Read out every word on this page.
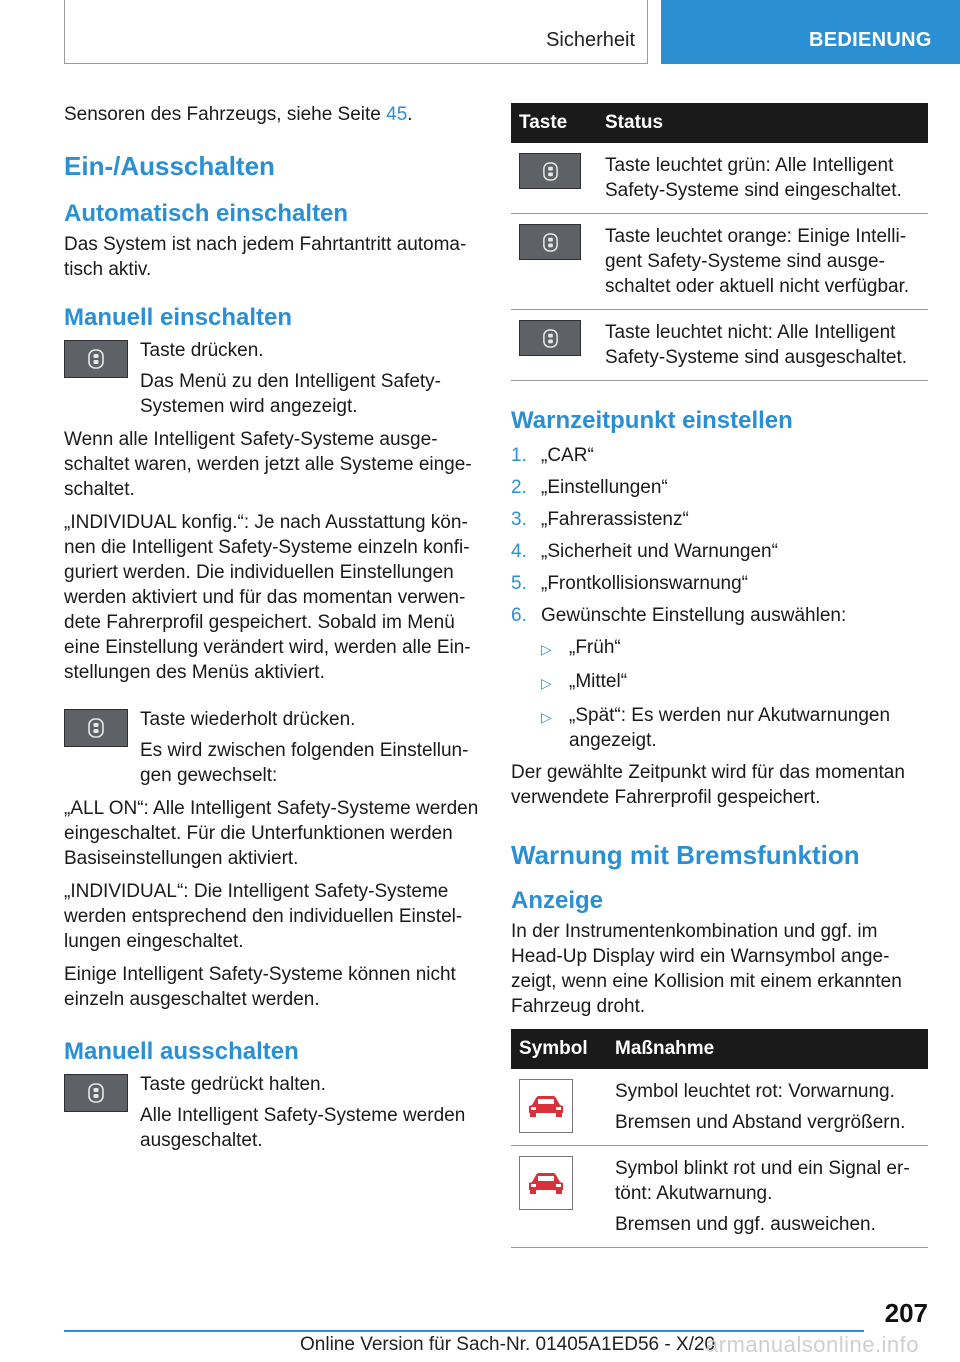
Sicherheit	BEDIENUNG

Sensoren des Fahrzeugs, siehe Seite 45.

Ein-/Ausschalten
Automatisch einschalten

Das System ist nach jedem Fahrtantritt automatisch aktiv.

Manuell einschalten
Taste drücken.
Das Menü zu den Intelligent Safety-Systemen wird angezeigt.

Wenn alle Intelligent Safety-Systeme ausgeschaltet waren, werden jetzt alle Systeme eingeschaltet.

„INDIVIDUAL konfig.“: Je nach Ausstattung können die Intelligent Safety-Systeme einzeln konfiguriert werden. Die individuellen Einstellungen werden aktiviert und für das momentan verwendete Fahrerprofil gespeichert. Sobald im Menü eine Einstellung verändert wird, werden alle Einstellungen des Menüs aktiviert.

Taste wiederholt drücken.
Es wird zwischen folgenden Einstellungen gewechselt:

„ALL ON“: Alle Intelligent Safety-Systeme werden eingeschaltet. Für die Unterfunktionen werden Basiseinstellungen aktiviert.

„INDIVIDUAL“: Die Intelligent Safety-Systeme werden entsprechend den individuellen Einstellungen eingeschaltet.

Einige Intelligent Safety-Systeme können nicht einzeln ausgeschaltet werden.

Manuell ausschalten
Taste gedrückt halten.
Alle Intelligent Safety-Systeme werden ausgeschaltet.
Taste	Status

	Taste leuchtet grün: Alle Intelligent Safety-Systeme sind eingeschaltet.

	Taste leuchtet orange: Einige Intelligent Safety-Systeme sind ausgeschaltet oder aktuell nicht verfügbar.

	Taste leuchtet nicht: Alle Intelligent Safety-Systeme sind ausgeschaltet.
Warnzeitpunkt einstellen
1. „CAR“
2. „Einstellungen“
3. „Fahrerassistenz“
4. „Sicherheit und Warnungen“
5. „Frontkollisionswarnung“
6. Gewünschte Einstellung auswählen:
▷ „Früh“
▷ „Mittel“
▷ „Spät“: Es werden nur Akutwarnungen angezeigt.

Der gewählte Zeitpunkt wird für das momentan verwendete Fahrerprofil gespeichert.

Warnung mit Bremsfunktion
Anzeige

In der Instrumentenkombination und ggf. im Head-Up Display wird ein Warnsymbol angezeigt, wenn eine Kollision mit einem erkannten Fahrzeug droht.

Symbol	Maßnahme

Symbol leuchtet rot: Vorwarnung.
Bremsen und Abstand vergrößern.

Symbol blinkt rot und ein Signal ertönt: Akutwarnung.
Bremsen und ggf. ausweichen.
207
Online Version für Sach-Nr. 01405A1ED56 - X/20
armanualsonline.info
